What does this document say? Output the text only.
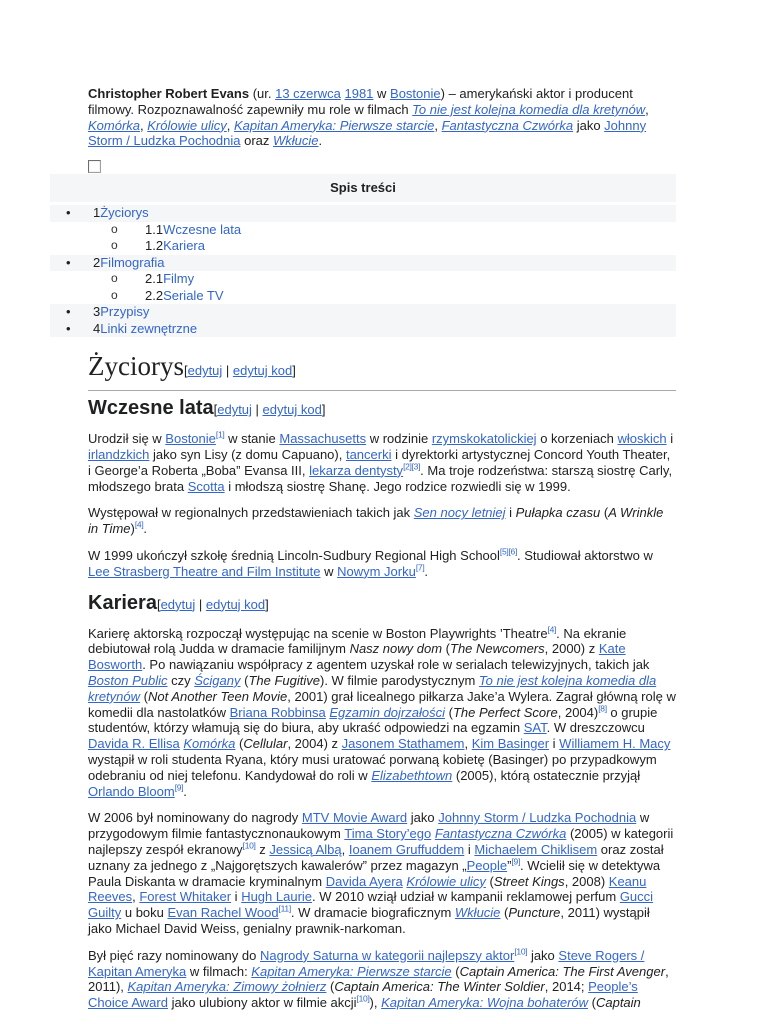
Christopher Robert Evans (ur. 13 czerwca 1981 w Bostonie) – amerykański aktor i producent filmowy. Rozpoznawalność zapewniły mu role w filmach To nie jest kolejna komedia dla kretynów, Komórka, Królowie ulicy, Kapitan Ameryka: Pierwsze starcie, Fantastyczna Czwórka jako Johnny Storm / Ludzka Pochodnia oraz Wkłucie.

Spis treści
• 1Życiorys
o 1.1Wczesne lata
o 1.2Kariera
• 2Filmografia
o 2.1Filmy
o 2.2Seriale TV
• 3Przypisy
• 4Linki zewnętrzne
Życiorys[edytuj | edytuj kod]
Wczesne lata[edytuj | edytuj kod]

Urodził się w Bostonie[1] w stanie Massachusetts w rodzinie rzymskokatolickiej o korzeniach włoskich i irlandzkich jako syn Lisy (z domu Capuano), tancerki i dyrektorki artystycznej Concord Youth Theater, i George’a Roberta „Boba” Evansa III, lekarza dentysty[2][3]. Ma troje rodzeństwa: starszą siostrę Carly, młodszego brata Scotta i młodszą siostrę Shanę. Jego rodzice rozwiedli się w 1999.

Występował w regionalnych przedstawieniach takich jak Sen nocy letniej i Pułapka czasu (A Wrinkle in Time)[4].

W 1999 ukończył szkołę średnią Lincoln-Sudbury Regional High School[5][6]. Studiował aktorstwo w Lee Strasberg Theatre and Film Institute w Nowym Jorku[7].

Kariera[edytuj | edytuj kod]

Karierę aktorską rozpoczął występując na scenie w Boston Playwrights ’Theatre[4]. Na ekranie debiutował rolą Judda w dramacie familijnym Nasz nowy dom (The Newcomers, 2000) z Kate Bosworth. Po nawiązaniu współpracy z agentem uzyskał role w serialach telewizyjnych, takich jak Boston Public czy Ścigany (The Fugitive). W filmie parodystycznym To nie jest kolejna komedia dla kretynów (Not Another Teen Movie, 2001) grał licealnego piłkarza Jake’a Wylera. Zagrał główną rolę w komedii dla nastolatków Briana Robbinsa Egzamin dojrzałości (The Perfect Score, 2004)[8] o grupie studentów, którzy włamują się do biura, aby ukraść odpowiedzi na egzamin SAT. W dreszczowcu Davida R. Ellisa Komórka (Cellular, 2004) z Jasonem Stathamem, Kim Basinger i Williamem H. Macy wystąpił w roli studenta Ryana, który musi uratować porwaną kobietę (Basinger) po przypadkowym odebraniu od niej telefonu. Kandydował do roli w Elizabethtown (2005), którą ostatecznie przyjął Orlando Bloom[9].

W 2006 był nominowany do nagrody MTV Movie Award jako Johnny Storm / Ludzka Pochodnia w przygodowym filmie fantastycznonaukowym Tima Story’ego Fantastyczna Czwórka (2005) w kategorii najlepszy zespół ekranowy[10] z Jessicą Albą, Ioanem Gruffuddem i Michaelem Chiklisem oraz został uznany za jednego z „Najgorętszych kawalerów” przez magazyn „People”[9]. Wcielił się w detektywa Paula Diskanta w dramacie kryminalnym Davida Ayera Królowie ulicy (Street Kings, 2008) Keanu Reeves, Forest Whitaker i Hugh Laurie. W 2010 wziął udział w kampanii reklamowej perfum Gucci Guilty u boku Evan Rachel Wood[11]. W dramacie biograficznym Wkłucie (Puncture, 2011) wystąpił jako Michael David Weiss, genialny prawnik-narkoman.

Był pięć razy nominowany do Nagrody Saturna w kategorii najlepszy aktor[10] jako Steve Rogers / Kapitan Ameryka w filmach: Kapitan Ameryka: Pierwsze starcie (Captain America: The First Avenger, 2011), Kapitan Ameryka: Zimowy żołnierz (Captain America: The Winter Soldier, 2014; People’s Choice Award jako ulubiony aktor w filmie akcji[10]), Kapitan Ameryka: Wojna bohaterów (Captain
